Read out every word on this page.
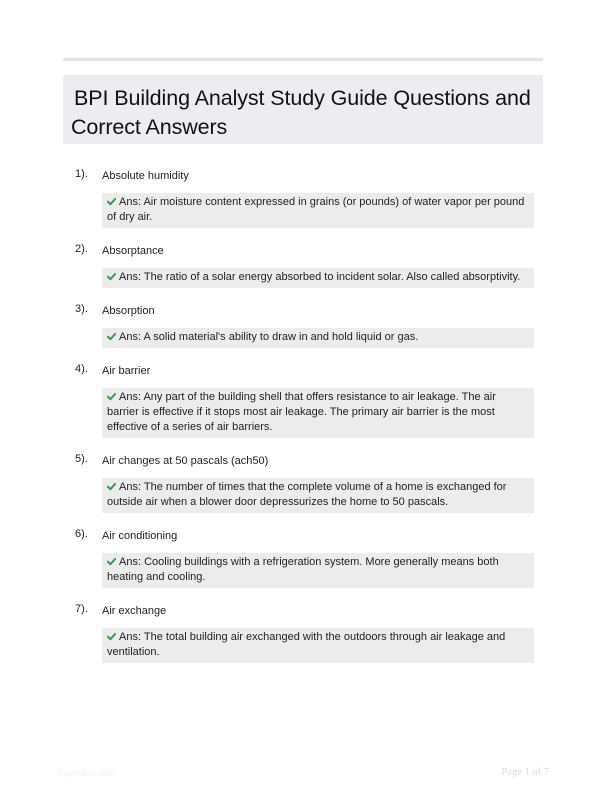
BPI Building Analyst Study Guide Questions and
Correct Answers
1).	Absolute humidity
Ans: Air moisture content expressed in grains (or pounds) of water vapor per pound of dry air.
2).	Absorptance
Ans: The ratio of a solar energy absorbed to incident solar. Also called absorptivity.
3).	Absorption
Ans: A solid material's ability to draw in and hold liquid or gas.
4).	Air barrier
Ans: Any part of the building shell that offers resistance to air leakage. The air barrier is effective if it stops most air leakage. The primary air barrier is the most effective of a series of air barriers.
5).	Air changes at 50 pascals (ach50)
Ans: The number of times that the complete volume of a home is exchanged for outside air when a blower door depressurizes the home to 50 pascals.
6).	Air conditioning
Ans: Cooling buildings with a refrigeration system. More generally means both heating and cooling.
7).	Air exchange
Ans: The total building air exchanged with the outdoors through air leakage and ventilation.
PaperBliz.com	Page 1 of 7
